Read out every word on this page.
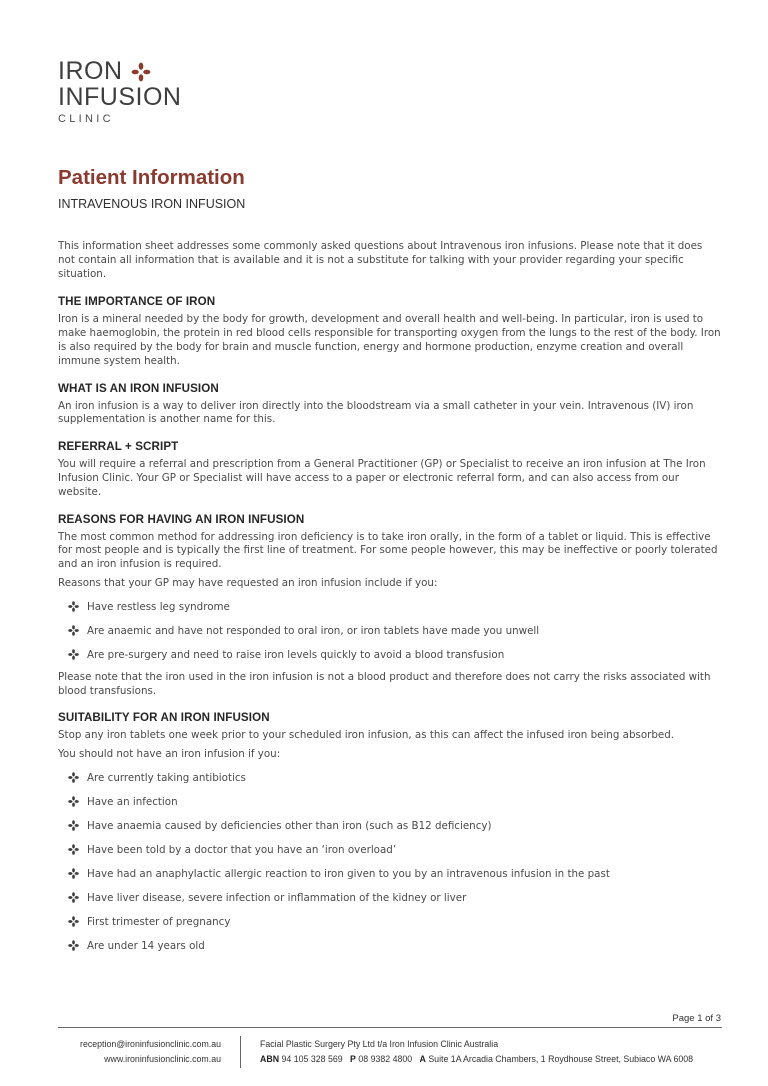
IRON
INFUSION
CLINIC
Patient Information
INTRAVENOUS IRON INFUSION

This information sheet addresses some commonly asked questions about Intravenous iron infusions. Please note that it does not contain all information that is available and it is not a substitute for talking with your provider regarding your specific situation.

THE IMPORTANCE OF IRON

Iron is a mineral needed by the body for growth, development and overall health and well-being. In particular, iron is used to make haemoglobin, the protein in red blood cells responsible for transporting oxygen from the lungs to the rest of the body. Iron is also required by the body for brain and muscle function, energy and hormone production, enzyme creation and overall immune system health.

WHAT IS AN IRON INFUSION

An iron infusion is a way to deliver iron directly into the bloodstream via a small catheter in your vein. Intravenous (IV) iron supplementation is another name for this.

REFERRAL + SCRIPT

You will require a referral and prescription from a General Practitioner (GP) or Specialist to receive an iron infusion at The Iron Infusion Clinic. Your GP or Specialist will have access to a paper or electronic referral form, and can also access from our website.

REASONS FOR HAVING AN IRON INFUSION

The most common method for addressing iron deficiency is to take iron orally, in the form of a tablet or liquid. This is effective for most people and is typically the first line of treatment. For some people however, this may be ineffective or poorly tolerated and an iron infusion is required.

Reasons that your GP may have requested an iron infusion include if you:

Have restless leg syndrome
Are anaemic and have not responded to oral iron, or iron tablets have made you unwell
Are pre-surgery and need to raise iron levels quickly to avoid a blood transfusion

Please note that the iron used in the iron infusion is not a blood product and therefore does not carry the risks associated with blood transfusions.

SUITABILITY FOR AN IRON INFUSION

Stop any iron tablets one week prior to your scheduled iron infusion, as this can affect the infused iron being absorbed.

You should not have an iron infusion if you:

Are currently taking antibiotics
Have an infection
Have anaemia caused by deficiencies other than iron (such as B12 deficiency)
Have been told by a doctor that you have an ‘iron overload’
Have had an anaphylactic allergic reaction to iron given to you by an intravenous infusion in the past
Have liver disease, severe infection or inflammation of the kidney or liver
First trimester of pregnancy
Are under 14 years old
Page 1 of 3
reception@ironinfusionclinic.com.au
www.ironinfusionclinic.com.au
Facial Plastic Surgery Pty Ltd t/a Iron Infusion Clinic Australia
ABN 94 105 328 569 P 08 9382 4800 A Suite 1A Arcadia Chambers, 1 Roydhouse Street, Subiaco WA 6008
